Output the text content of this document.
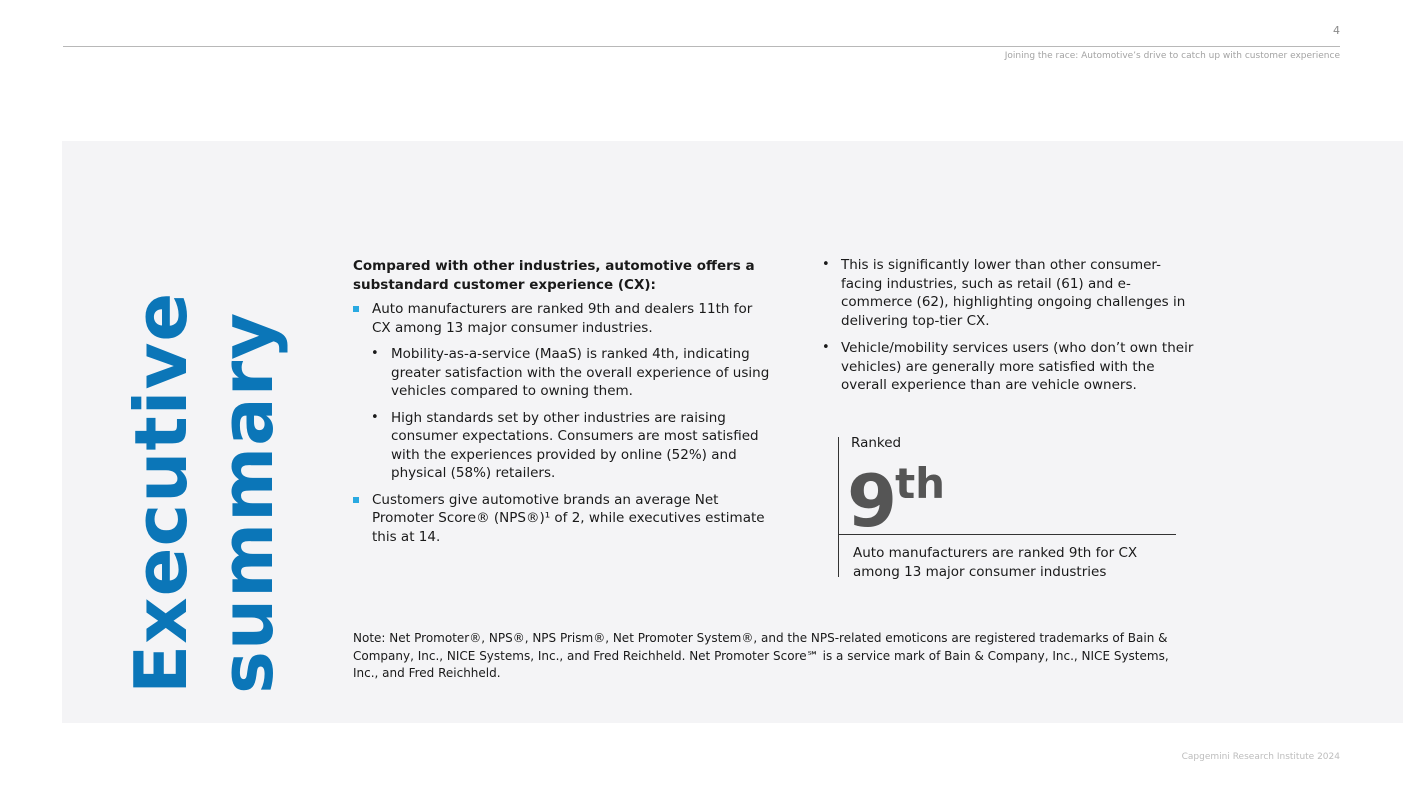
4
Joining the race: Automotive’s drive to catch up with customer experience
Executive summary
Compared with other industries, automotive offers a substandard customer experience (CX):
Auto manufacturers are ranked 9th and dealers 11th for CX among 13 major consumer industries.
• Mobility-as-a-service (MaaS) is ranked 4th, indicating greater satisfaction with the overall experience of using vehicles compared to owning them.
• High standards set by other industries are raising consumer expectations. Consumers are most satisfied with the experiences provided by online (52%) and physical (58%) retailers.
Customers give automotive brands an average Net Promoter Score® (NPS®)¹ of 2, while executives estimate this at 14.
• This is significantly lower than other consumer-facing industries, such as retail (61) and e-commerce (62), highlighting ongoing challenges in delivering top-tier CX.
• Vehicle/mobility services users (who don’t own their vehicles) are generally more satisfied with the overall experience than are vehicle owners.
Ranked
9th
Auto manufacturers are ranked 9th for CX among 13 major consumer industries
Note: Net Promoter®, NPS®, NPS Prism®, Net Promoter System®, and the NPS-related emoticons are registered trademarks of Bain & Company, Inc., NICE Systems, Inc., and Fred Reichheld. Net Promoter Score℠ is a service mark of Bain & Company, Inc., NICE Systems, Inc., and Fred Reichheld.
Capgemini Research Institute 2024
